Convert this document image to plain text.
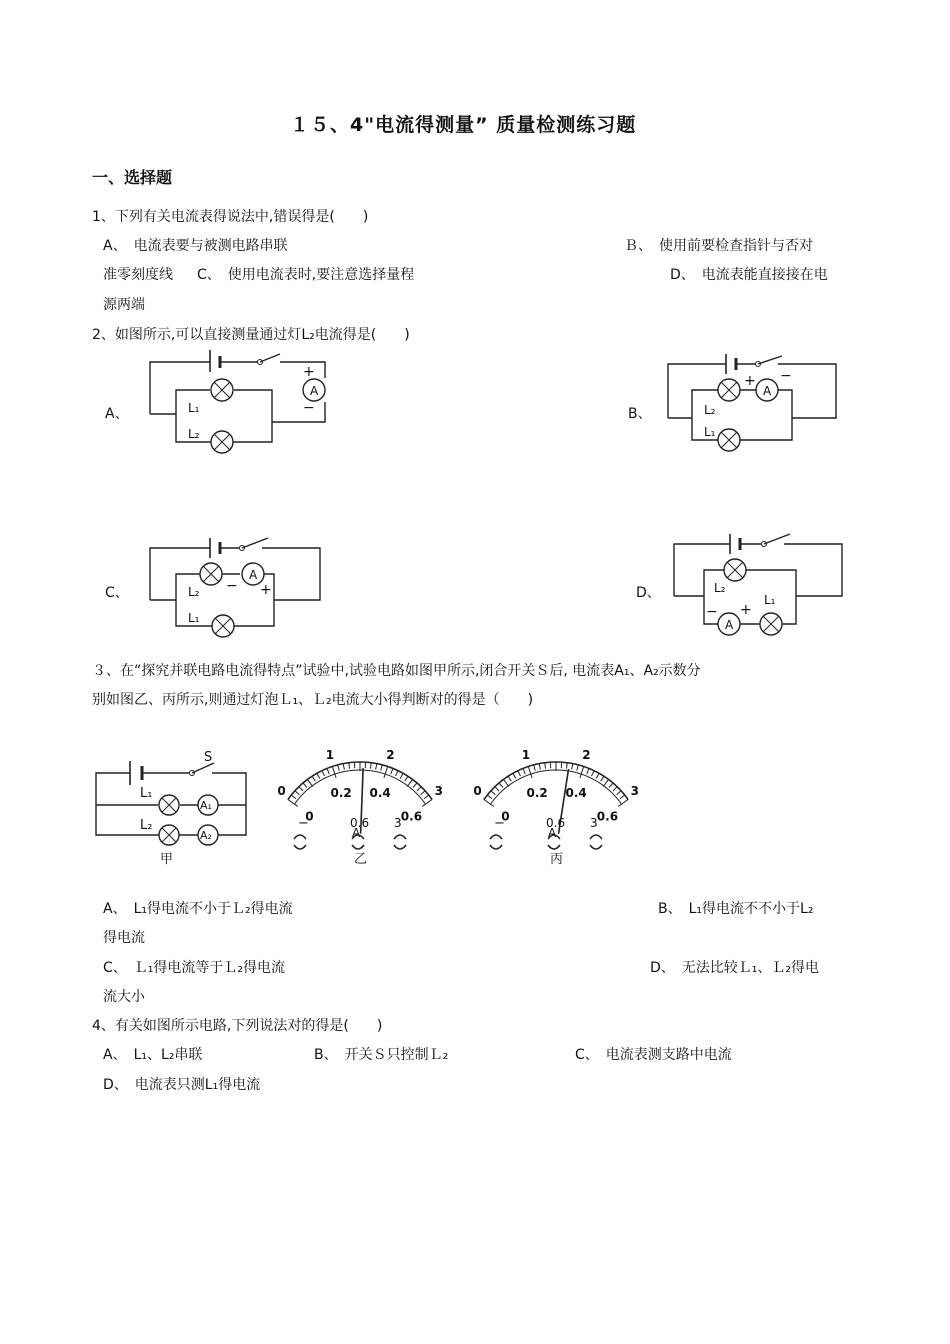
１５、4"电流得测量” 质量检测练习题
一、选择题
1、下列有关电流表得说法中,错误得是(　　)
A、　电流表要与被测电路串联	Ｂ、　使用前要检查指针与否对
准零刻度线 C、　使用电流表时,要注意选择量程	D、　电流表能直接接在电
源两端
2、如图所示,可以直接测量通过灯L₂电流得是(　　)
A、	B、
C、	D、
A
+
−
L₁
L₂
A
+ −
L₂
L₁
A
− +
L₂
L₁	A
− +
L₂
L₁
３、在“探究并联电路电流得特点”试验中,试验电路如图甲所示,闭合开关Ｓ后, 电流表A₁、A₂示数分
别如图乙、丙所示,则通过灯泡Ｌ₁、Ｌ₂电流大小得判断对的得是（　　)
S
A₁
L₁
A₂
L₂
甲
0
1	2
3
0
0.2 0.4
0.6
A
−	0.6 3
乙
0
1	2
3
0
0.2 0.4
0.6
A
−	0.6 3
丙
A、　L₁得电流不小于Ｌ₂得电流	B、　L₁得电流不不小于L₂
得电流
C、　Ｌ₁得电流等于Ｌ₂得电流	D、　无法比较Ｌ₁、Ｌ₂得电
流大小
4、有关如图所示电路,下列说法对的得是(　　)
A、　L₁、L₂串联	B、　开关Ｓ只控制Ｌ₂	C、　电流表测支路中电流
D、　电流表只测L₁得电流
